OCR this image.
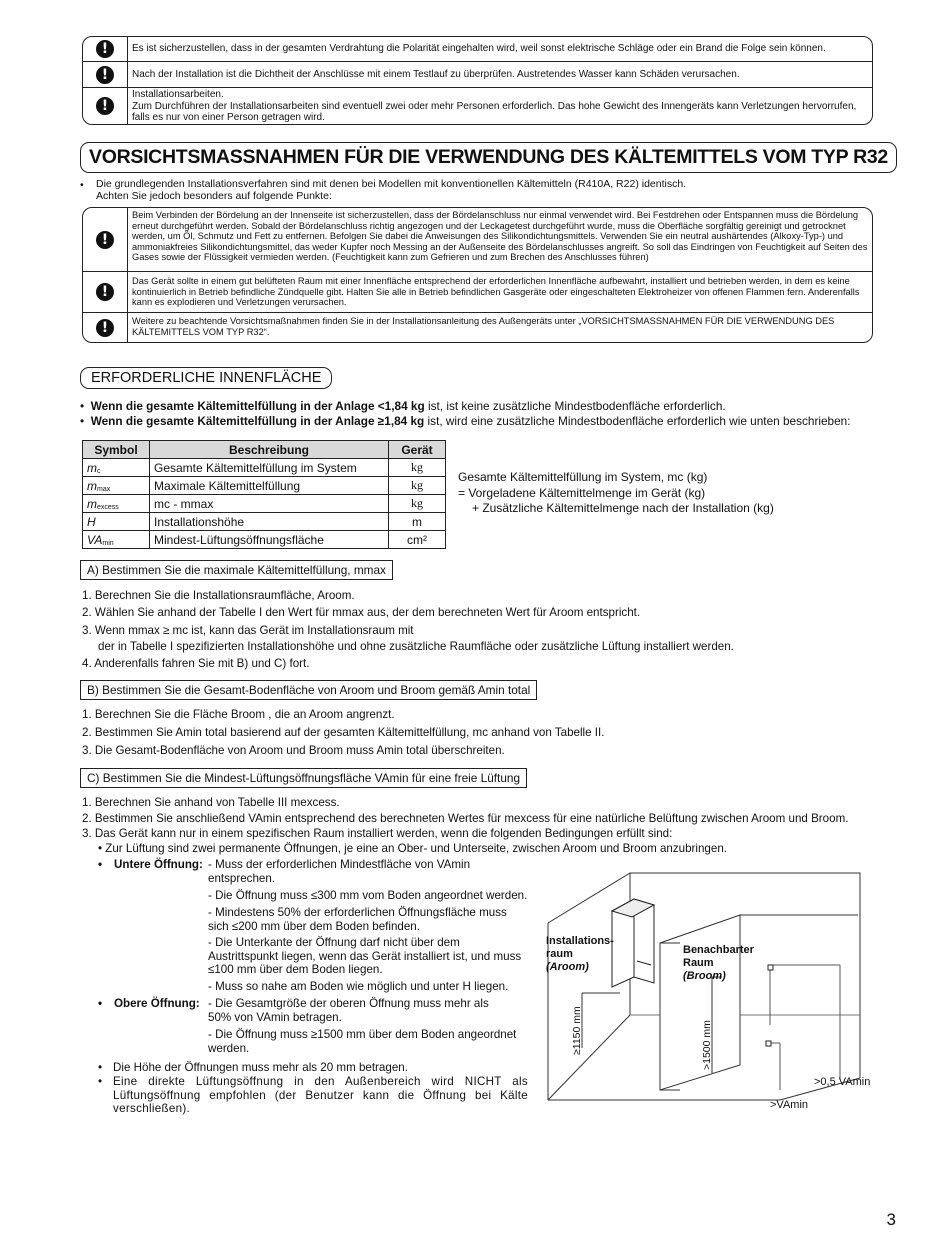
!	Es ist sicherzustellen, dass in der gesamten Verdrahtung die Polarität eingehalten wird, weil sonst elektrische Schläge oder ein Brand die Folge sein können.
!	Nach der Installation ist die Dichtheit der Anschlüsse mit einem Testlauf zu überprüfen. Austretendes Wasser kann Schäden verursachen.
!
Installationsarbeiten.
Zum Durchführen der Installationsarbeiten sind eventuell zwei oder mehr Personen erforderlich. Das hohe Gewicht des Innengeräts kann Verletzungen hervorrufen, falls es nur von einer Person getragen wird.
VORSICHTSMASSNAHMEN FÜR DIE VERWENDUNG DES KÄLTEMITTELS VOM TYP R32
• Die grundlegenden Installationsverfahren sind mit denen bei Modellen mit konventionellen Kältemitteln (R410A, R22) identisch.
Achten Sie jedoch besonders auf folgende Punkte:
!
Beim Verbinden der Bördelung an der Innenseite ist sicherzustellen, dass der Bördelanschluss nur einmal verwendet wird. Bei Festdrehen oder Entspannen muss die Bördelung erneut durchgeführt werden. Sobald der Bördelanschluss richtig angezogen und der Leckagetest durchgeführt wurde, muss die Oberfläche sorgfältig gereinigt und getrocknet werden, um Öl, Schmutz und Fett zu entfernen. Befolgen Sie dabei die Anweisungen des Silikondichtungsmittels. Verwenden Sie ein neutral aushärtendes (Alkoxy-Typ-) und ammoniakfreies Silikondichtungsmittel, das weder Kupfer noch Messing an der Außenseite des Bördelanschlusses angreift. So soll das Eindringen von Feuchtigkeit auf Seiten des Gases sowie der Flüssigkeit vermieden werden. (Feuchtigkeit kann zum Gefrieren und zum Brechen des Anschlusses führen)
!
Das Gerät sollte in einem gut belüfteten Raum mit einer Innenfläche entsprechend der erforderlichen Innenfläche aufbewahrt, installiert und betrieben werden, in dem es keine kontinuierlich in Betrieb befindliche Zündquelle gibt. Halten Sie alle in Betrieb befindlichen Gasgeräte oder eingeschalteten Elektroheizer von offenen Flammen fern. Anderenfalls kann es explodieren und Verletzungen verursachen.
!	Weitere zu beachtende Vorsichtsmaßnahmen finden Sie in der Installationsanleitung des Außengeräts unter „VORSICHTSMASSNAHMEN FÜR DIE VERWENDUNG DES KÄLTEMITTELS VOM TYP R32“.
ERFORDERLICHE INNENFLÄCHE
•  Wenn die gesamte Kältemittelfüllung in der Anlage <1,84 kg ist, ist keine zusätzliche Mindestbodenfläche erforderlich.
•  Wenn die gesamte Kältemittelfüllung in der Anlage ≥1,84 kg ist, wird eine zusätzliche Mindestbodenfläche erforderlich wie unten beschrieben:
Symbol	Beschreibung	Gerät
$m_c$	Gesamte Kältemittelfüllung im System	kg
$m_{max}$	Maximale Kältemittelfüllung	kg
$m_{excess}$	mc - mmax	kg
H	Installationshöhe	m
$VA_{min}$	Mindest-Lüftungsöffnungsfläche	cm²
Gesamte Kältemittelfüllung im System, mc (kg)
= Vorgeladene Kältemittelmenge im Gerät (kg)
+ Zusätzliche Kältemittelmenge nach der Installation (kg)
A) Bestimmen Sie die maximale Kältemittelfüllung, mmax
1. Berechnen Sie die Installationsraumfläche, Aroom.
2. Wählen Sie anhand der Tabelle I den Wert für mmax aus, der dem berechneten Wert für Aroom entspricht.
3. Wenn mmax ≥ mc ist, kann das Gerät im Installationsraum mit
der in Tabelle I spezifizierten Installationshöhe und ohne zusätzliche Raumfläche oder zusätzliche Lüftung installiert werden.
4. Anderenfalls fahren Sie mit B) und C) fort.
B) Bestimmen Sie die Gesamt-Bodenfläche von Aroom und Broom gemäß Amin total
1. Berechnen Sie die Fläche Broom , die an Aroom angrenzt.
2. Bestimmen Sie Amin total basierend auf der gesamten Kältemittelfüllung, mc anhand von Tabelle II.
3. Die Gesamt-Bodenfläche von Aroom und Broom muss Amin total überschreiten.
C) Bestimmen Sie die Mindest-Lüftungsöffnungsfläche VAmin für eine freie Lüftung
1. Berechnen Sie anhand von Tabelle III mexcess.
2. Bestimmen Sie anschließend VAmin entsprechend des berechneten Wertes für mexcess für eine natürliche Belüftung zwischen Aroom und Broom.
3. Das Gerät kann nur in einem spezifischen Raum installiert werden, wenn die folgenden Bedingungen erfüllt sind:
• Zur Lüftung sind zwei permanente Öffnungen, je eine an Ober- und Unterseite, zwischen Aroom und Broom anzubringen.
• Untere Öffnung: - Muss der erforderlichen Mindestfläche von VAmin entsprechen.
- Die Öffnung muss ≤300 mm vom Boden angeordnet werden.
- Mindestens 50% der erforderlichen Öffnungsfläche muss sich ≤200 mm über dem Boden befinden.
- Die Unterkante der Öffnung darf nicht über dem Austrittspunkt liegen, wenn das Gerät installiert ist, und muss ≤100 mm über dem Boden liegen.
- Muss so nahe am Boden wie möglich und unter H liegen.
• Obere Öffnung: - Die Gesamtgröße der oberen Öffnung muss mehr als 50% von VAmin betragen.
- Die Öffnung muss ≥1500 mm über dem Boden angeordnet werden.
• Die Höhe der Öffnungen muss mehr als 20 mm betragen.
• Eine direkte Lüftungsöffnung in den Außenbereich wird NICHT als Lüftungsöffnung empfohlen (der Benutzer kann die Öffnung bei Kälte verschließen).
Installations-
raum
(Aroom)
Benachbarter
Raum
(Broom)
≥1150 mm	>1500 mm
>0,5 VAmin
>VAmin
3
